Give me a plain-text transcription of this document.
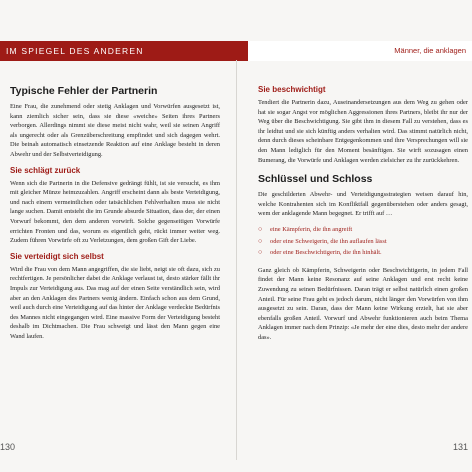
IM SPIEGEL DES ANDEREN	Männer, die anklagen
Typische Fehler der Partnerin

Eine Frau, die zunehmend oder stetig Anklagen und Vorwürfen ausgesetzt ist, kann ziemlich sicher sein, dass sie diese «weiche» Seiten ihres Partners verborgen. Allerdings nimmt sie diese meist nicht wahr, weil sie seinen Angriff als ungerecht oder als Grenzüberschreitung empfindet und sich dagegen wehrt. Die beinah automatisch einsetzende Reaktion auf eine Anklage besteht in deren Abwehr und der Selbstverteidigung.

Sie schlägt zurück

Wenn sich die Partnerin in die Defensive gedrängt fühlt, ist sie versucht, es ihm mit gleicher Münze heimzuzahlen. Angriff erscheint dann als beste Verteidigung, und nach einem vermeintlichen oder tatsächlichen Fehlverhalten muss sie nicht lange suchen. Damit entsteht die im Grunde absurde Situation, dass der, der einen Vorwurf bekommt, den dem anderen vorwirft. Solche gegenseitigen Vorwürfe errichten Fronten und das, worum es eigentlich geht, rückt immer weiter weg. Zudem führen Vorwürfe oft zu Verletzungen, dem großen Gift der Liebe.

Sie verteidigt sich selbst

Wird die Frau von dem Mann angegriffen, die sie liebt, neigt sie oft dazu, sich zu rechtfertigen. Je persönlicher dabei die Anklage verlaust ist, desto stärker fällt ihr Impuls zur Verteidigung aus. Das mag auf der einen Seite verständlich sein, wird aber an den Anklagen des Partners wenig ändern. Einfach schon aus dem Grund, weil auch durch eine Verteidigung auf das hinter der Anklage verdeckte Bedürfnis des Mannes nicht eingegangen wird. Eine massive Form der Verteidigung besteht deshalb im Dichtmachen. Die Frau schweigt und lässt den Mann gegen eine Wand laufen.

Sie beschwichtigt

Tendiert die Partnerin dazu, Auseinandersetzungen aus dem Weg zu gehen oder hat sie sogar Angst vor möglichen Aggressionen ihres Partners, bleibt ihr nur der Weg über die Beschwichtigung. Sie gibt ihm in diesem Fall zu verstehen, dass es ihr leidtut und sie sich künftig anders verhalten wird. Das stimmt natürlich nicht, denn durch dieses scheinbare Entgegenkommen und ihre Versprechungen will sie den Mann lediglich für den Moment besänftigen. Sie wirft sozusagen einen Bumerang, die Vorwürfe und Anklagen werden zielsicher zu ihr zurückkehren.

Schlüssel und Schloss

Die geschilderten Abwehr- und Verteidigungsstrategien weisen darauf hin, welche Kontrahenten sich im Konfliktfall gegenüberstehen oder anders gesagt, wem der anklagende Mann begegnet. Er trifft auf …

○ eine Kämpferin, die ihn angreift
○ oder eine Schweigerin, die ihn auflaufen lässt
○ oder eine Beschwichtigerin, die ihn hinhält.

Ganz gleich ob Kämpferin, Schweigerin oder Beschwichtigerin, in jedem Fall findet der Mann keine Resonanz auf seine Anklagen und erst recht keine Zuwendung zu seinen Bedürfnissen. Daran trägt er selbst natürlich einen großen Anteil. Für seine Frau geht es jedoch darum, nicht länger den Vorwürfen von ihm ausgesetzt zu sein. Daran, dass der Mann keine Wirkung erzielt, hat sie aber ebenfalls großen Anteil. Vorwurf und Abwehr funktionieren auch beim Thema Anklagen immer nach dem Prinzip: «Je mehr der eine dies, desto mehr der andere das».

130	131
